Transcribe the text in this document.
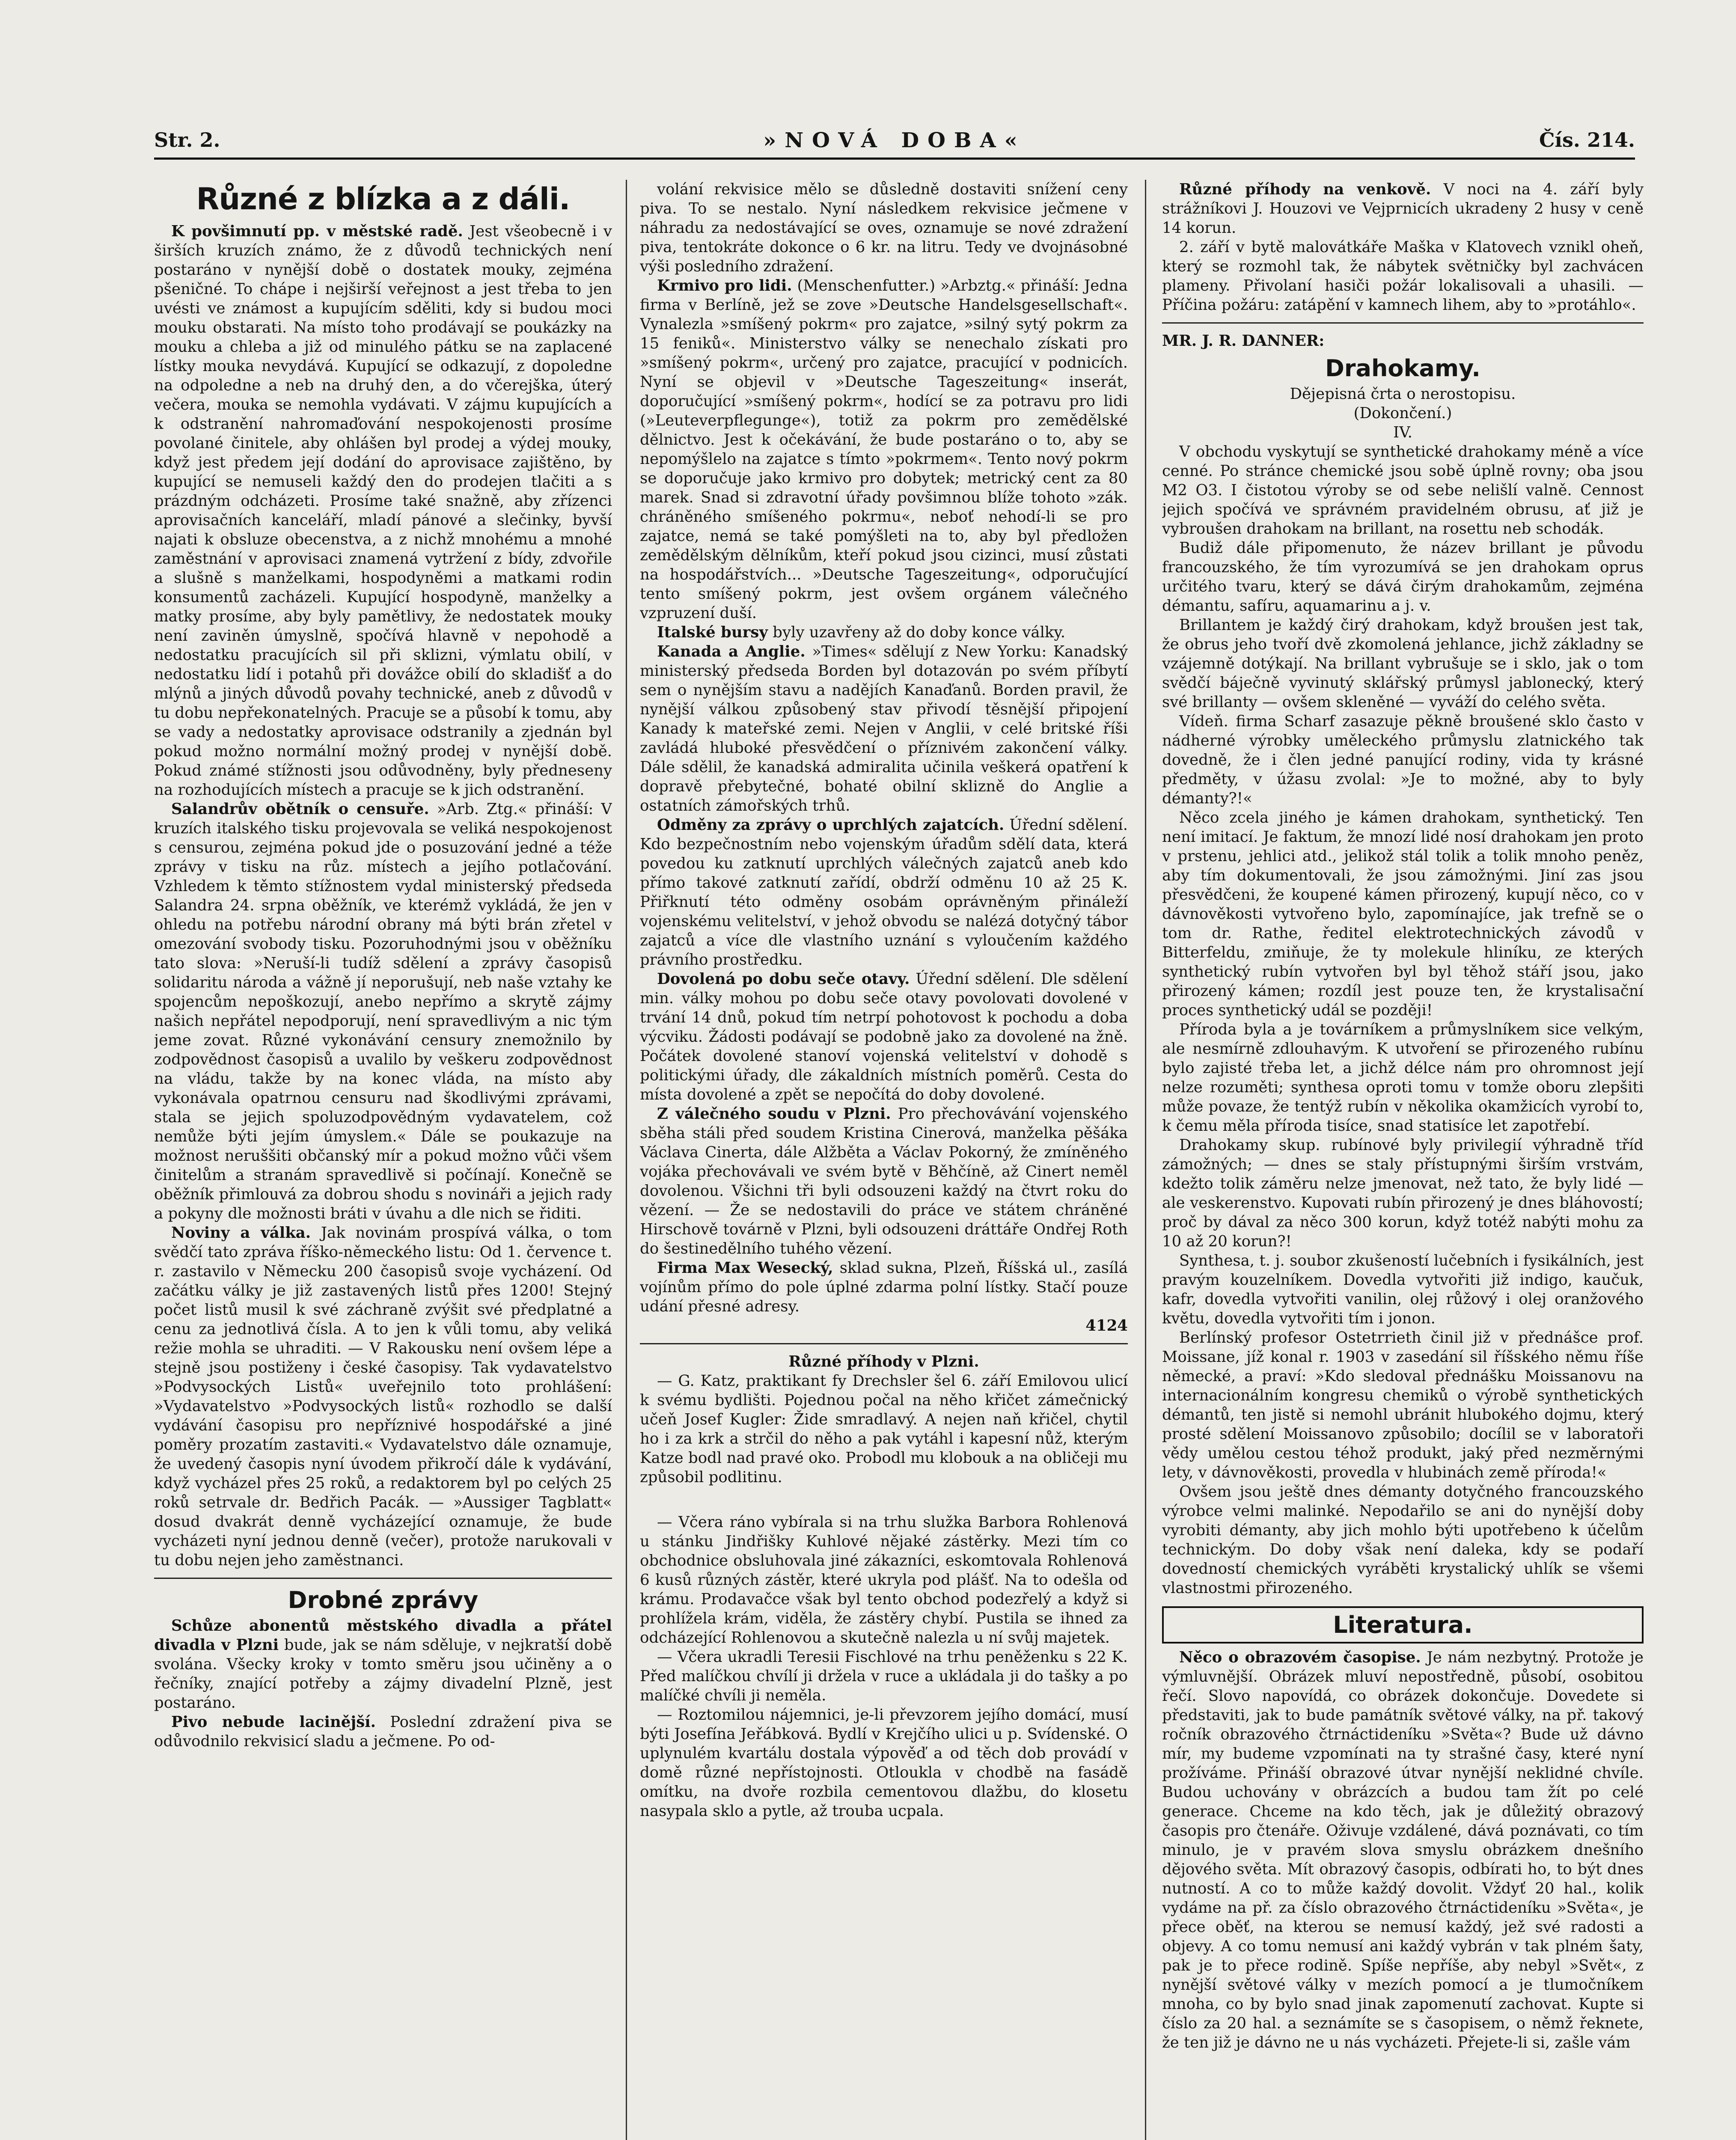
Str. 2.	»NOVÁ DOBA«	Čís. 214.
Různé z blízka a z dáli.

K povšimnutí pp. v městské radě. Jest všeobecně i v širších kruzích známo, že z důvodů technických není postaráno v nynější době o dostatek mouky, zejména pšeničné. To chápe i nejširší veřejnost a jest třeba to jen uvésti ve známost a kupujícím sděliti, kdy si budou moci mouku obstarati. Na místo toho prodávají se poukázky na mouku a chleba a již od minulého pátku se na zaplacené lístky mouka nevydává. Kupující se odkazují, z dopoledne na odpoledne a neb na druhý den, a do včerejška, úterý večera, mouka se nemohla vydávati. V zájmu kupujících a k odstranění nahromaďování nespokojenosti prosíme povolané činitele, aby ohlášen byl prodej a výdej mouky, když jest předem její dodání do aprovisace zajištěno, by kupující se nemuseli každý den do prodejen tlačiti a s prázdným odcházeti. Prosíme také snažně, aby zřízenci aprovisačních kanceláří, mladí pánové a slečinky, byvší najati k obsluze obecenstva, a z nichž mnohému a mnohé zaměstnání v aprovisaci znamená vytržení z bídy, zdvořile a slušně s manželkami, hospodyněmi a matkami rodin konsumentů zacházeli. Kupující hospodyně, manželky a matky prosíme, aby byly pamětlivy, že nedostatek mouky není zaviněn úmyslně, spočívá hlavně v nepohodě a nedostatku pracujících sil při sklizni, výmlatu obilí, v nedostatku lidí i potahů při dovážce obilí do skladišť a do mlýnů a jiných důvodů povahy technické, aneb z důvodů v tu dobu nepřekonatelných. Pracuje se a působí k tomu, aby se vady a nedostatky aprovisace odstranily a zjednán byl pokud možno normální možný prodej v nynější době. Pokud známé stížnosti jsou odůvodněny, byly předneseny na rozhodujících místech a pracuje se k jich odstranění.

Salandrův obětník o censuře. »Arb. Ztg.« přináší: V kruzích italského tisku projevovala se veliká nespokojenost s censurou, zejména pokud jde o posuzování jedné a téže zprávy v tisku na růz. místech a jejího potlačování. Vzhledem k těmto stížnostem vydal ministerský předseda Salandra 24. srpna oběžník, ve kterémž vykládá, že jen v ohledu na potřebu národní obrany má býti brán zřetel v omezování svobody tisku. Pozoruhodnými jsou v oběžníku tato slova: »Neruší-li tudíž sdělení a zprávy časopisů solidaritu národa a vážně jí neporušují, neb naše vztahy ke spojencům nepoškozují, anebo nepřímo a skrytě zájmy našich nepřátel nepodporují, není spravedlivým a nic tým jeme zovat. Různé vykonávání censury znemožnilo by zodpovědnost časopisů a uvalilo by veškeru zodpovědnost na vládu, takže by na konec vláda, na místo aby vykonávala opatrnou censuru nad škodlivými zprávami, stala se jejich spoluzodpovědným vydavatelem, což nemůže býti jejím úmyslem.« Dále se poukazuje na možnost neruššiti občanský mír a pokud možno vůči všem činitelům a stranám spravedlivě si počínají. Konečně se oběžník přimlouvá za dobrou shodu s novináři a jejich rady a pokyny dle možnosti bráti v úvahu a dle nich se řiditi.

Noviny a válka. Jak novinám prospívá válka, o tom svědčí tato zpráva říško-německého listu: Od 1. července t. r. zastavilo v Německu 200 časopisů svoje vycházení. Od začátku války je již zastavených listů přes 1200! Stejný počet listů musil k své záchraně zvýšit své předplatné a cenu za jednotlivá čísla. A to jen k vůli tomu, aby veliká režie mohla se uhraditi. — V Rakousku není ovšem lépe a stejně jsou postiženy i české časopisy. Tak vydavatelstvo »Podvysockých Listů« uveřejnilo toto prohlášení: »Vydavatelstvo »Podvysockých listů« rozhodlo se další vydávání časopisu pro nepříznivé hospodářské a jiné poměry prozatím zastaviti.« Vydavatelstvo dále oznamuje, že uvedený časopis nyní úvodem přikročí dále k vydávání, když vycházel přes 25 roků, a redaktorem byl po celých 25 roků setrvale dr. Bedřich Pacák. — »Aussiger Tagblatt« dosud dvakrát denně vycházející oznamuje, že bude vycházeti nyní jednou denně (večer), protože narukovali v tu dobu nejen jeho zaměstnanci.

Drobné zprávy

Schůze abonentů městského divadla a přátel divadla v Plzni bude, jak se nám sděluje, v nejkratší době svolána. Všecky kroky v tomto směru jsou učiněny a o řečníky, znající potřeby a zájmy divadelní Plzně, jest postaráno.

Pivo nebude lacinější. Poslední zdražení piva se odůvodnilo rekvisicí sladu a ječmene. Po od-

volání rekvisice mělo se důsledně dostaviti snížení ceny piva. To se nestalo. Nyní následkem rekvisice ječmene v náhradu za nedostávající se oves, oznamuje se nové zdražení piva, tentokráte dokonce o 6 kr. na litru. Tedy ve dvojnásobné výši posledního zdražení.

Krmivo pro lidi. (Menschenfutter.) »Arbztg.« přináší: Jedna firma v Berlíně, jež se zove »Deutsche Handelsgesellschaft«. Vynalezla »smíšený pokrm« pro zajatce, »silný sytý pokrm za 15 feniků«. Ministerstvo války se nenechalo získati pro »smíšený pokrm«, určený pro zajatce, pracující v podnicích. Nyní se objevil v »Deutsche Tageszeitung« inserát, doporučující »smíšený pokrm«, hodící se za potravu pro lidi (»Leuteverpflegunge«), totiž za pokrm pro zemědělské dělnictvo. Jest k očekávání, že bude postaráno o to, aby se nepomýšlelo na zajatce s tímto »pokrmem«. Tento nový pokrm se doporučuje jako krmivo pro dobytek; metrický cent za 80 marek. Snad si zdravotní úřady povšimnou blíže tohoto »zák. chráněného smíšeného pokrmu«, neboť nehodí-li se pro zajatce, nemá se také pomýšleti na to, aby byl předložen zemědělským dělníkům, kteří pokud jsou cizinci, musí zůstati na hospodářstvích... »Deutsche Tageszeitung«, odporučující tento smíšený pokrm, jest ovšem orgánem válečného vzpruzení duší.

Italské bursy byly uzavřeny až do doby konce války.

Kanada a Anglie. »Times« sdělují z New Yorku: Kanadský ministerský předseda Borden byl dotazován po svém příbytí sem o nynějším stavu a nadějích Kanaďanů. Borden pravil, že nynější válkou způsobený stav přivodí těsnější připojení Kanady k mateřské zemi. Nejen v Anglii, v celé britské říši zavládá hluboké přesvědčení o příznivém zakončení války. Dále sdělil, že kanadská admiralita učinila veškerá opatření k dopravě přebytečné, bohaté obilní sklizně do Anglie a ostatních zámořských trhů.

Odměny za zprávy o uprchlých zajatcích. Úřední sdělení. Kdo bezpečnostním nebo vojenským úřadům sdělí data, která povedou ku zatknutí uprchlých válečných zajatců aneb kdo přímo takové zatknutí zařídí, obdrží odměnu 10 až 25 K. Přiřknutí této odměny osobám oprávněným přináleží vojenskému velitelství, v jehož obvodu se nalézá dotyčný tábor zajatců a více dle vlastního uznání s vyloučením každého právního prostředku.

Dovolená po dobu seče otavy. Úřední sdělení. Dle sdělení min. války mohou po dobu seče otavy povolovati dovolené v trvání 14 dnů, pokud tím netrpí pohotovost k pochodu a doba výcviku. Žádosti podávají se podobně jako za dovolené na žně. Počátek dovolené stanoví vojenská velitelství v dohodě s politickými úřady, dle zákaldních místních poměrů. Cesta do místa dovolené a zpět se nepočítá do doby dovolené.

Z válečného soudu v Plzni. Pro přechovávání vojenského sběha stáli před soudem Kristina Cinerová, manželka pěšáka Václava Cinerta, dále Alžběta a Václav Pokorný, že zmíněného vojáka přechovávali ve svém bytě v Běhčíně, až Cinert neměl dovolenou. Všichni tři byli odsouzeni každý na čtvrt roku do vězení. — Že se nedostavili do práce ve státem chráněné Hirschově továrně v Plzni, byli odsouzeni dráttáře Ondřej Roth do šestinedělního tuhého vězení.

Firma Max Wesecký, sklad sukna, Plzeň, Říšská ul., zasílá vojínům přímo do pole úplné zdarma polní lístky. Stačí pouze udání přesné adresy.

4124

Různé příhody v Plzni.

— G. Katz, praktikant fy Drechsler šel 6. září Emilovou ulicí k svému bydlišti. Pojednou počal na něho křičet zámečnický učeň Josef Kugler: Žide smradlavý. A nejen naň křičel, chytil ho i za krk a strčil do něho a pak vytáhl i kapesní nůž, kterým Katze bodl nad pravé oko. Probodl mu klobouk a na obličeji mu způsobil podlitinu.

— Včera ráno vybírala si na trhu služka Barbora Rohlenová u stánku Jindřišky Kuhlové nějaké zástěrky. Mezi tím co obchodnice obsluhovala jiné zákazníci, eskomtovala Rohlenová 6 kusů různých zástěr, které ukryla pod plášť. Na to odešla od krámu. Prodavačce však byl tento obchod podezřelý a když si prohlížela krám, viděla, že zástěry chybí. Pustila se ihned za odcházející Rohlenovou a skutečně nalezla u ní svůj majetek.

— Včera ukradli Teresii Fischlové na trhu peněženku s 22 K. Před malíčkou chvílí ji držela v ruce a ukládala ji do tašky a po malíčké chvíli ji neměla.

— Roztomilou nájemnici, je-li převzorem jejího domácí, musí býti Josefína Jeřábková. Bydlí v Krejčího ulici u p. Svídenské. O uplynulém kvartálu dostala výpověď a od těch dob provádí v domě různé nepřístojnosti. Otloukla v chodbě na fasádě omítku, na dvoře rozbila cementovou dlažbu, do klosetu nasypala sklo a pytle, až trouba ucpala.

Různé příhody na venkově. V noci na 4. září byly strážníkovi J. Houzovi ve Vejprnicích ukradeny 2 husy v ceně 14 korun.

2. září v bytě malovátkáře Maška v Klatovech vznikl oheň, který se rozmohl tak, že nábytek světničky byl zachvácen plameny. Přivolaní hasiči požár lokalisovali a uhasili. — Příčina požáru: zatápění v kamnech lihem, aby to »protáhlo«.

MR. J. R. DANNER:

Drahokamy.

Dějepisná črta o nerostopisu.

(Dokončení.)

IV.

V obchodu vyskytují se synthetické drahokamy méně a více cenné. Po stránce chemické jsou sobě úplně rovny; oba jsou M2 O3. I čistotou výroby se od sebe nelišlí valně. Cennost jejich spočívá ve správném pravidelném obrusu, ať již je vybroušen drahokam na brillant, na rosettu neb schodák.

Budiž dále připomenuto, že název brillant je původu francouzského, že tím vyrozumívá se jen drahokam oprus určitého tvaru, který se dává čirým drahokamům, zejména démantu, safíru, aquamarinu a j. v.

Brillantem je každý čirý drahokam, když broušen jest tak, že obrus jeho tvoří dvě zkomolená jehlance, jichž základny se vzájemně dotýkají. Na brillant vybrušuje se i sklo, jak o tom svědčí báječně vyvinutý sklářský průmysl jablonecký, který své brillanty — ovšem skleněné — vyváží do celého světa.

Vídeň. firma Scharf zasazuje pěkně broušené sklo často v nádherné výrobky uměleckého průmyslu zlatnického tak dovedně, že i člen jedné panující rodiny, vida ty krásné předměty, v úžasu zvolal: »Je to možné, aby to byly démanty?!«

Něco zcela jiného je kámen drahokam, synthetický. Ten není imitací. Je faktum, že mnozí lidé nosí drahokam jen proto v prstenu, jehlici atd., jelikož stál tolik a tolik mnoho peněz, aby tím dokumentovali, že jsou zámožnými. Jiní zas jsou přesvědčeni, že koupené kámen přirozený, kupují něco, co v dávnověkosti vytvořeno bylo, zapomínajíce, jak trefně se o tom dr. Rathe, ředitel elektrotechnických závodů v Bitterfeldu, zmiňuje, že ty molekule hliníku, ze kterých synthetický rubín vytvořen byl byl těhož stáří jsou, jako přirozený kámen; rozdíl jest pouze ten, že krystalisační proces synthetický udál se později!

Příroda byla a je továrníkem a průmyslníkem sice velkým, ale nesmírně zdlouhavým. K utvoření se přirozeného rubínu bylo zajisté třeba let, a jichž délce nám pro ohromnost její nelze rozuměti; synthesa oproti tomu v tomže oboru zlepšiti může povaze, že tentýž rubín v několika okamžicích vyrobí to, k čemu měla příroda tisíce, snad statisíce let zapotřebí.

Drahokamy skup. rubínové byly privilegií výhradně tříd zámožných; — dnes se staly přístupnými širším vrstvám, kdežto tolik záměru nelze jmenovat, než tato, že byly lidé — ale veskerenstvo. Kupovati rubín přirozený je dnes bláhovostí; proč by dával za něco 300 korun, když totéž nabýti mohu za 10 až 20 korun?!

Synthesa, t. j. soubor zkušeností lučebních i fysikálních, jest pravým kouzelníkem. Dovedla vytvořiti již indigo, kaučuk, kafr, dovedla vytvořiti vanilin, olej růžový i olej oranžového květu, dovedla vytvořiti tím i jonon.

Berlínský profesor Ostetrrieth činil již v přednášce prof. Moissane, jíž konal r. 1903 v zasedání sil říšského němu říše německé, a praví: »Kdo sledoval přednášku Moissanovu na internacionálním kongresu chemiků o výrobě synthetických démantů, ten jistě si nemohl ubránit hlubokého dojmu, který prosté sdělení Moissanovo způsobilo; docílil se v laboratoři vědy umělou cestou téhož produkt, jaký před nezměrnými lety, v dávnověkosti, provedla v hlubinách země příroda!«

Ovšem jsou ještě dnes démanty dotyčného francouzského výrobce velmi malinké. Nepodařilo se ani do nynější doby vyrobiti démanty, aby jich mohlo býti upotřebeno k účelům technickým. Do doby však není daleka, kdy se podaří dovedností chemických vyráběti krystalický uhlík se všemi vlastnostmi přirozeného.

Literatura.

Něco o obrazovém časopise. Je nám nezbytný. Protože je výmluvnější. Obrázek mluví nepostředně, působí, osobitou řečí. Slovo napovídá, co obrázek dokončuje. Dovedete si představiti, jak to bude památník světové války, na př. takový ročník obrazového čtrnáctideníku »Světa«? Bude už dávno mír, my budeme vzpomínati na ty strašné časy, které nyní prožíváme. Přináší obrazové útvar nynější neklidné chvíle. Budou uchovány v obrázcích a budou tam žít po celé generace. Chceme na kdo těch, jak je důležitý obrazový časopis pro čtenáře. Oživuje vzdálené, dává poznávati, co tím minulo, je v pravém slova smyslu obrázkem dnešního dějového světa. Mít obrazový časopis, odbírati ho, to být dnes nutností. A co to může každý dovolit. Vždyť 20 hal., kolik vydáme na př. za číslo obrazového čtrnáctideníku »Světa«, je přece oběť, na kterou se nemusí každý, jež své radosti a objevy. A co tomu nemusí ani každý vybrán v tak plném šaty, pak je to přece rodině. Spíše nepříše, aby nebyl »Svět«, z nynější světové války v mezích pomocí a je tlumočníkem mnoha, co by bylo snad jinak zapomenutí zachovat. Kupte si číslo za 20 hal. a seznámíte se s časopisem, o němž řeknete, že ten již je dávno ne u nás vycházeti. Přejete-li si, zašle vám
